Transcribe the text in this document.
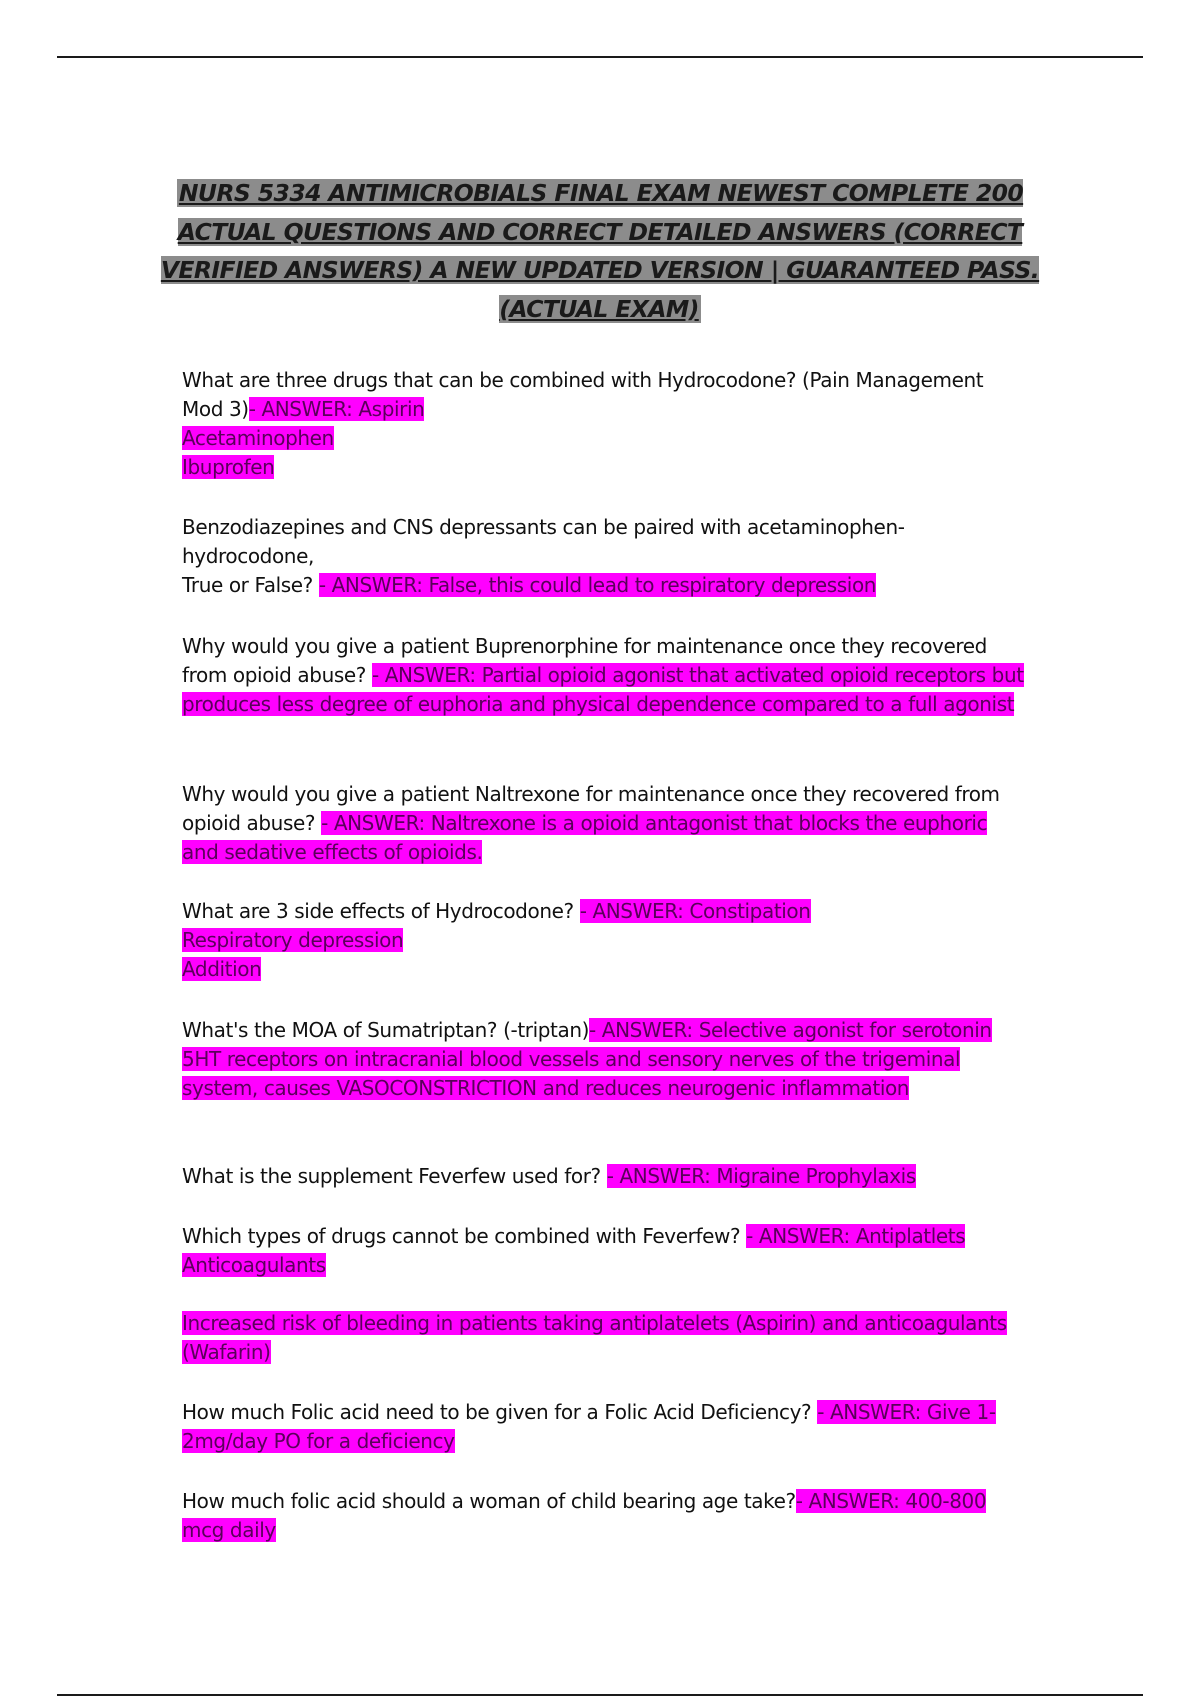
NURS 5334 ANTIMICROBIALS FINAL EXAM NEWEST COMPLETE 200 ACTUAL QUESTIONS AND CORRECT DETAILED ANSWERS (CORRECT VERIFIED ANSWERS) A NEW UPDATED VERSION | GUARANTEED PASS. (ACTUAL EXAM)
What are three drugs that can be combined with Hydrocodone? (Pain Management Mod 3)- ANSWER: Aspirin
Acetaminophen
Ibuprofen
Benzodiazepines and CNS depressants can be paired with acetaminophen-hydrocodone,
True or False? - ANSWER: False, this could lead to respiratory depression
Why would you give a patient Buprenorphine for maintenance once they recovered from opioid abuse? - ANSWER: Partial opioid agonist that activated opioid receptors but produces less degree of euphoria and physical dependence compared to a full agonist
Why would you give a patient Naltrexone for maintenance once they recovered from opioid abuse? - ANSWER: Naltrexone is a opioid antagonist that blocks the euphoric and sedative effects of opioids.
What are 3 side effects of Hydrocodone? - ANSWER: Constipation
Respiratory depression
Addition
What's the MOA of Sumatriptan? (-triptan)- ANSWER: Selective agonist for serotonin 5HT receptors on intracranial blood vessels and sensory nerves of the trigeminal system, causes VASOCONSTRICTION and reduces neurogenic inflammation
What is the supplement Feverfew used for? - ANSWER: Migraine Prophylaxis
Which types of drugs cannot be combined with Feverfew? - ANSWER: Antiplatlets
Anticoagulants

Increased risk of bleeding in patients taking antiplatelets (Aspirin) and anticoagulants (Wafarin)
How much Folic acid need to be given for a Folic Acid Deficiency? - ANSWER: Give 1-2mg/day PO for a deficiency
How much folic acid should a woman of child bearing age take?- ANSWER: 400-800 mcg daily
